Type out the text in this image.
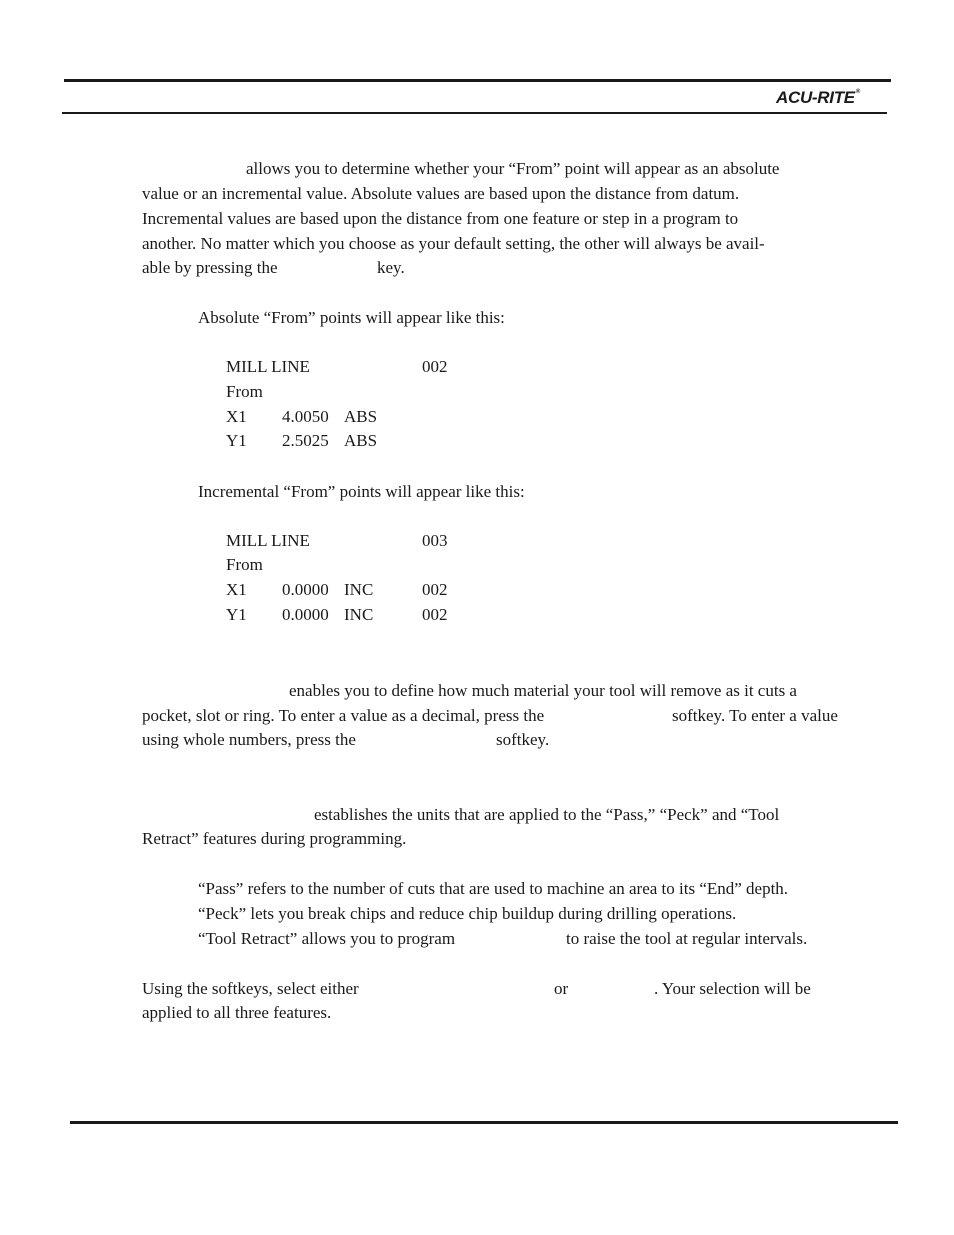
ACU-RITE®
allows you to determine whether your “From” point will appear as an absolute
value or an incremental value. Absolute values are based upon the distance from datum.
Incremental values are based upon the distance from one feature or step in a program to
another. No matter which you choose as your default setting, the other will always be avail-
able by pressing the	key.
Absolute “From” points will appear like this:
MILL LINE	002
From
X1 4.0050 ABS
Y1 2.5025 ABS
Incremental “From” points will appear like this:
MILL LINE	003
From
X1 0.0000 INC	002
Y1 0.0000 INC	002
enables you to define how much material your tool will remove as it cuts a
pocket, slot or ring. To enter a value as a decimal, press the	softkey. To enter a value
using whole numbers, press the	softkey.
establishes the units that are applied to the “Pass,” “Peck” and “Tool
Retract” features during programming.
“Pass” refers to the number of cuts that are used to machine an area to its “End” depth.
“Peck” lets you break chips and reduce chip buildup during drilling operations.
“Tool Retract” allows you to program	to raise the tool at regular intervals.
Using the softkeys, select either	or	. Your selection will be
applied to all three features.
